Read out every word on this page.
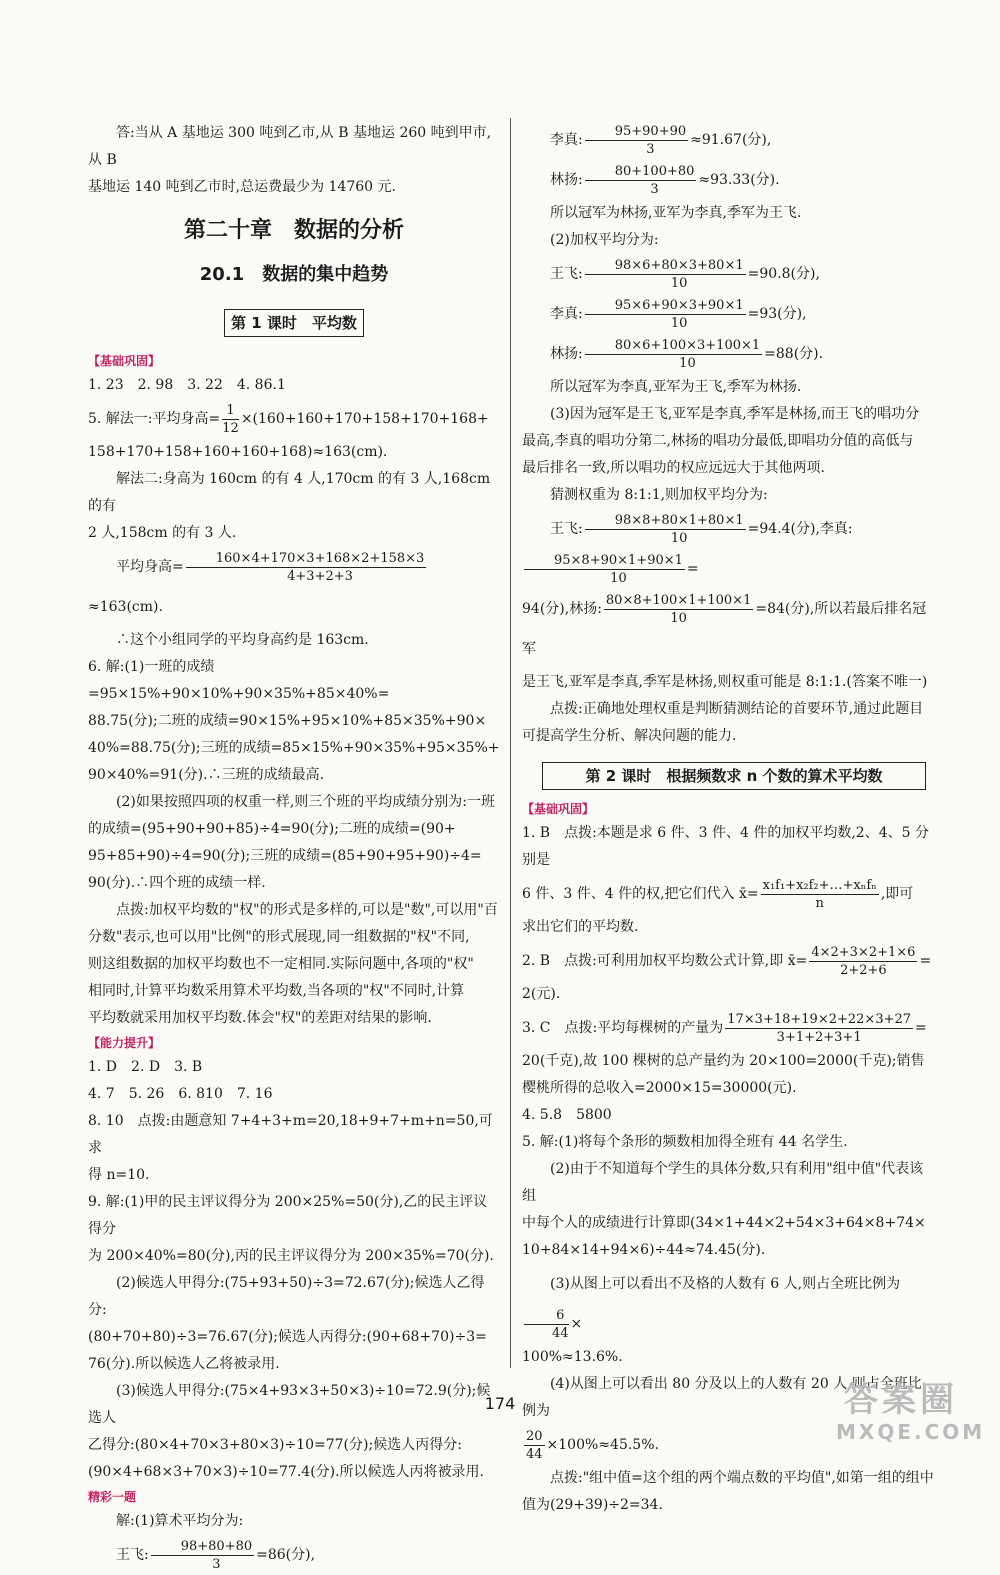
答:当从 A 基地运 300 吨到乙市,从 B 基地运 260 吨到甲市,从 B

基地运 140 吨到乙市时,总运费最少为 14760 元.

第二十章　数据的分析
20.1　数据的集中趋势
第 1 课时　平均数
【基础巩固】

1. 23　2. 98　3. 22　4. 86.1

5. 解法一:平均身高= $\frac{1}{12} \times(160+160+170+158+170+168+$

158+170+158+160+160+168)≈163(cm).

解法二:身高为 160cm 的有 4 人,170cm 的有 3 人,168cm 的有

2 人,158cm 的有 3 人.

平均身高= $\frac{160\times 4+170\times 3+168\times 2+158\times 3}{4+3+2+3}$
≈163(cm).

∴这个小组同学的平均身高约是 163cm.

6. 解:(1)一班的成绩=95×15%+90×10%+90×35%+85×40%=

88.75(分);二班的成绩=90×15%+95×10%+85×35%+90×

40%=88.75(分);三班的成绩=85×15%+90×35%+95×35%+

90×40%=91(分).∴三班的成绩最高.

(2)如果按照四项的权重一样,则三个班的平均成绩分别为:一班

的成绩=(95+90+90+85)÷4=90(分);二班的成绩=(90+

95+85+90)÷4=90(分);三班的成绩=(85+90+95+90)÷4=

90(分).∴四个班的成绩一样.

点拨:加权平均数的"权"的形式是多样的,可以是"数",可以用"百

分数"表示,也可以用"比例"的形式展现,同一组数据的"权"不同,

则这组数据的加权平均数也不一定相同.实际问题中,各项的"权"

相同时,计算平均数采用算术平均数,当各项的"权"不同时,计算

平均数就采用加权平均数.体会"权"的差距对结果的影响.

【能力提升】

1. D　2. D　3. B

4. 7　5. 26　6. 810　7. 16

8. 10　点拨:由题意知 7+4+3+m=20,18+9+7+m+n=50,可求

得 n=10.

9. 解:(1)甲的民主评议得分为 200×25%=50(分),乙的民主评议得分

为 200×40%=80(分),丙的民主评议得分为 200×35%=70(分).

(2)候选人甲得分:(75+93+50)÷3=72.67(分);候选人乙得分:

(80+70+80)÷3=76.67(分);候选人丙得分:(90+68+70)÷3=

76(分).所以候选人乙将被录用.

(3)候选人甲得分:(75×4+93×3+50×3)÷10=72.9(分);候选人

乙得分:(80×4+70×3+80×3)÷10=77(分);候选人丙得分:

(90×4+68×3+70×3)÷10=77.4(分).所以候选人丙将被录用.

精彩一题

解:(1)算术平均分为:

王飞: $\frac{98+80+80}{3} =86$(分),

李真: $\frac{95+90+90}{3} \approx 91.67$(分),

林扬: $\frac{80+100+80}{3} \approx 93.33$(分).

所以冠军为林扬,亚军为李真,季军为王飞.

(2)加权平均分为:

王飞: $\frac{98\times 6+80\times 3+80\times 1}{10} =90.8$(分),

李真: $\frac{95\times 6+90\times 3+90\times 1}{10} =93$(分),

林扬: $\frac{80\times 6+100\times 3+100\times 1}{10} =88$(分).

所以冠军为李真,亚军为王飞,季军为林扬.

(3)因为冠军是王飞,亚军是李真,季军是林扬,而王飞的唱功分

最高,李真的唱功分第二,林扬的唱功分最低,即唱功分值的高低与

最后排名一致,所以唱功的权应远远大于其他两项.

猜测权重为 8:1:1,则加权平均分为:

王飞: $\frac{98\times 8+80\times 1+80\times 1}{10} =94.4$(分),李真:
$\frac{95\times 8+90\times 1+90\times 1}{10}$ =

94(分),林扬: $\frac{80\times 8+100\times 1+100\times 1}{10} =84$(分),所以若最后排名冠军

是王飞,亚军是李真,季军是林扬,则权重可能是 8:1:1.(答案不唯一)

点拨:正确地处理权重是判断猜测结论的首要环节,通过此题目

可提高学生分析、解决问题的能力.

第 2 课时　根据频数求 n 个数的算术平均数
【基础巩固】

1. B　点拨:本题是求 6 件、3 件、4 件的加权平均数,2、4、5 分别是

6 件、3 件、4 件的权,把它们代入 x̄=
x₁f₁+x₂f₂+…+xₙfₙ
n
,即可

求出它们的平均数.

2. B　点拨:可利用加权平均数公式计算,即 x̄= $\frac{4\times 2+3\times 2+1\times 6}{2+2+6}$ =

2(元).

3. C　点拨:平均每棵树的产量为 $\frac{17\times 3+18+19\times 2+22\times 3+27}{3+1+2+3+1}$ =

20(千克),故 100 棵树的总产量约为 20×100=2000(千克);销售

樱桃所得的总收入=2000×15=30000(元).

4. 5.8　5800

5. 解:(1)将每个条形的频数相加得全班有 44 名学生.

(2)由于不知道每个学生的具体分数,只有利用"组中值"代表该组

中每个人的成绩进行计算即(34×1+44×2+54×3+64×8+74×

10+84×14+94×6)÷44≈74.45(分).

(3)从图上可以看出不及格的人数有 6 人,则占全班比例为
$\frac{6}{44}$ ×

100%≈13.6%.

(4)从图上可以看出 80 分及以上的人数有 20 人,则占全班比例为

$\frac{20}{44} \times 100\%\approx 45.5\%$.

点拨:"组中值=这个组的两个端点数的平均值",如第一组的组中

值为(29+39)÷2=34.

174	答案圈
MXQE.COM
